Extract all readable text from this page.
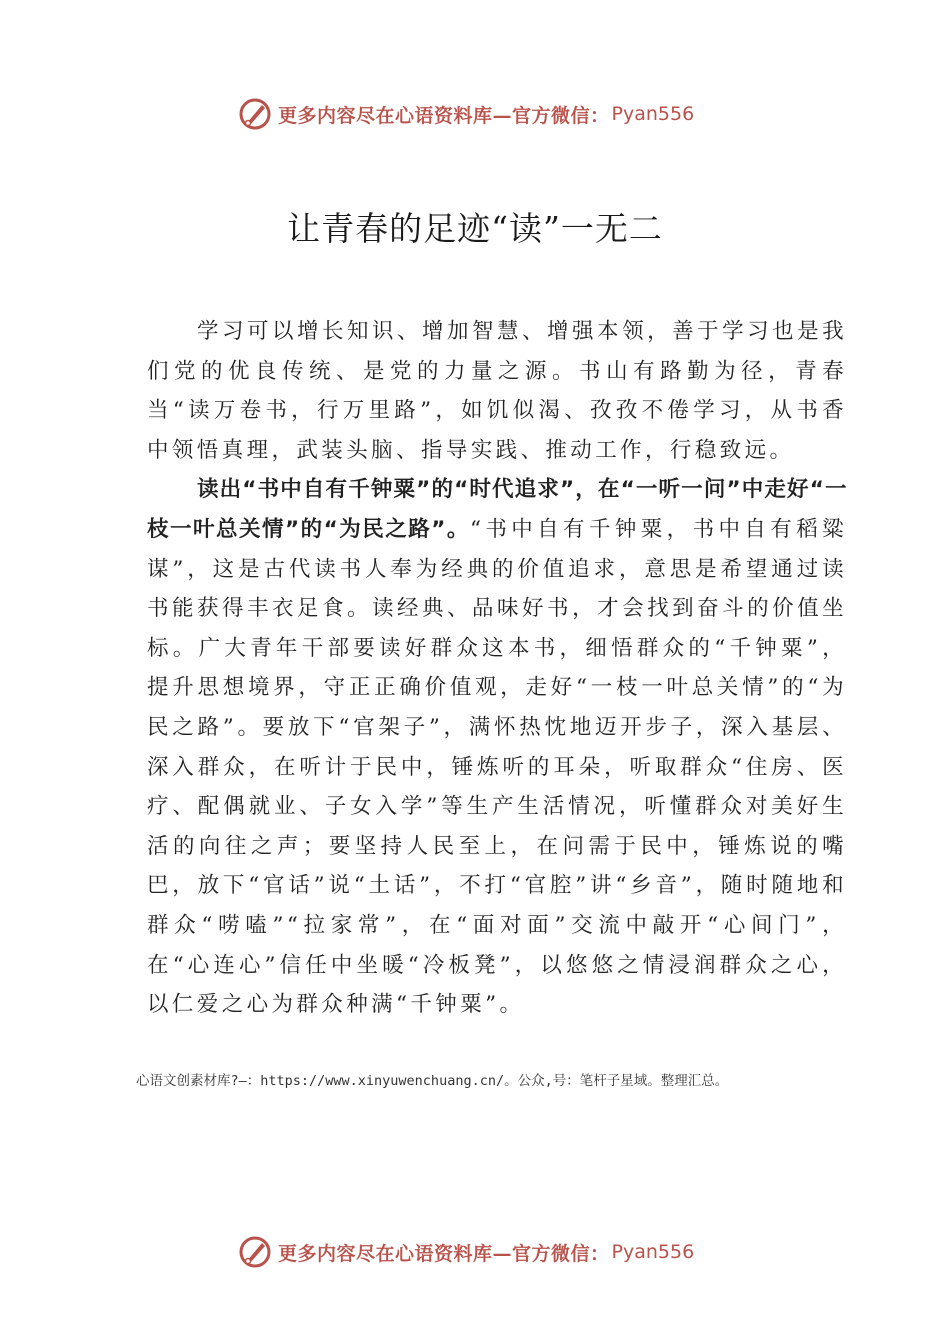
更多内容尽在心语资料库—官方微信： Pyan556
让青春的足迹“读”一无二

学习可以增长知识、增加智慧、增强本领，善于学习也是我们党的优良传统、是党的力量之源。书山有路勤为径，青春当“读万卷书，行万里路”，如饥似渴、孜孜不倦学习，从书香中领悟真理，武装头脑、指导实践、推动工作，行稳致远。

读出“书中自有千钟粟”的“时代追求”，在“一听一问”中走好“一枝一叶总关情”的“为民之路”。“书中自有千钟粟，书中自有稻粱谋”，这是古代读书人奉为经典的价值追求，意思是希望通过读书能获得丰衣足食。读经典、品味好书，才会找到奋斗的价值坐标。广大青年干部要读好群众这本书，细悟群众的“千钟粟”，提升思想境界，守正正确价值观，走好“一枝一叶总关情”的“为民之路”。要放下“官架子”，满怀热忱地迈开步子，深入基层、深入群众，在听计于民中，锤炼听的耳朵，听取群众“住房、医疗、配偶就业、子女入学”等生产生活情况，听懂群众对美好生活的向往之声；要坚持人民至上，在问需于民中，锤炼说的嘴巴，放下“官话”说“土话”，不打“官腔”讲“乡音”，随时随地和群众“唠嗑”“拉家常”，在“面对面”交流中敲开“心间门”，在“心连心”信任中坐暖“冷板凳”，以悠悠之情浸润群众之心，以仁爱之心为群众种满“千钟粟”。

心语文创素材库?—：https://www.xinyuwenchuang.cn/。公众,号：笔杆子星域。整理汇总。
更多内容尽在心语资料库—官方微信： Pyan556
